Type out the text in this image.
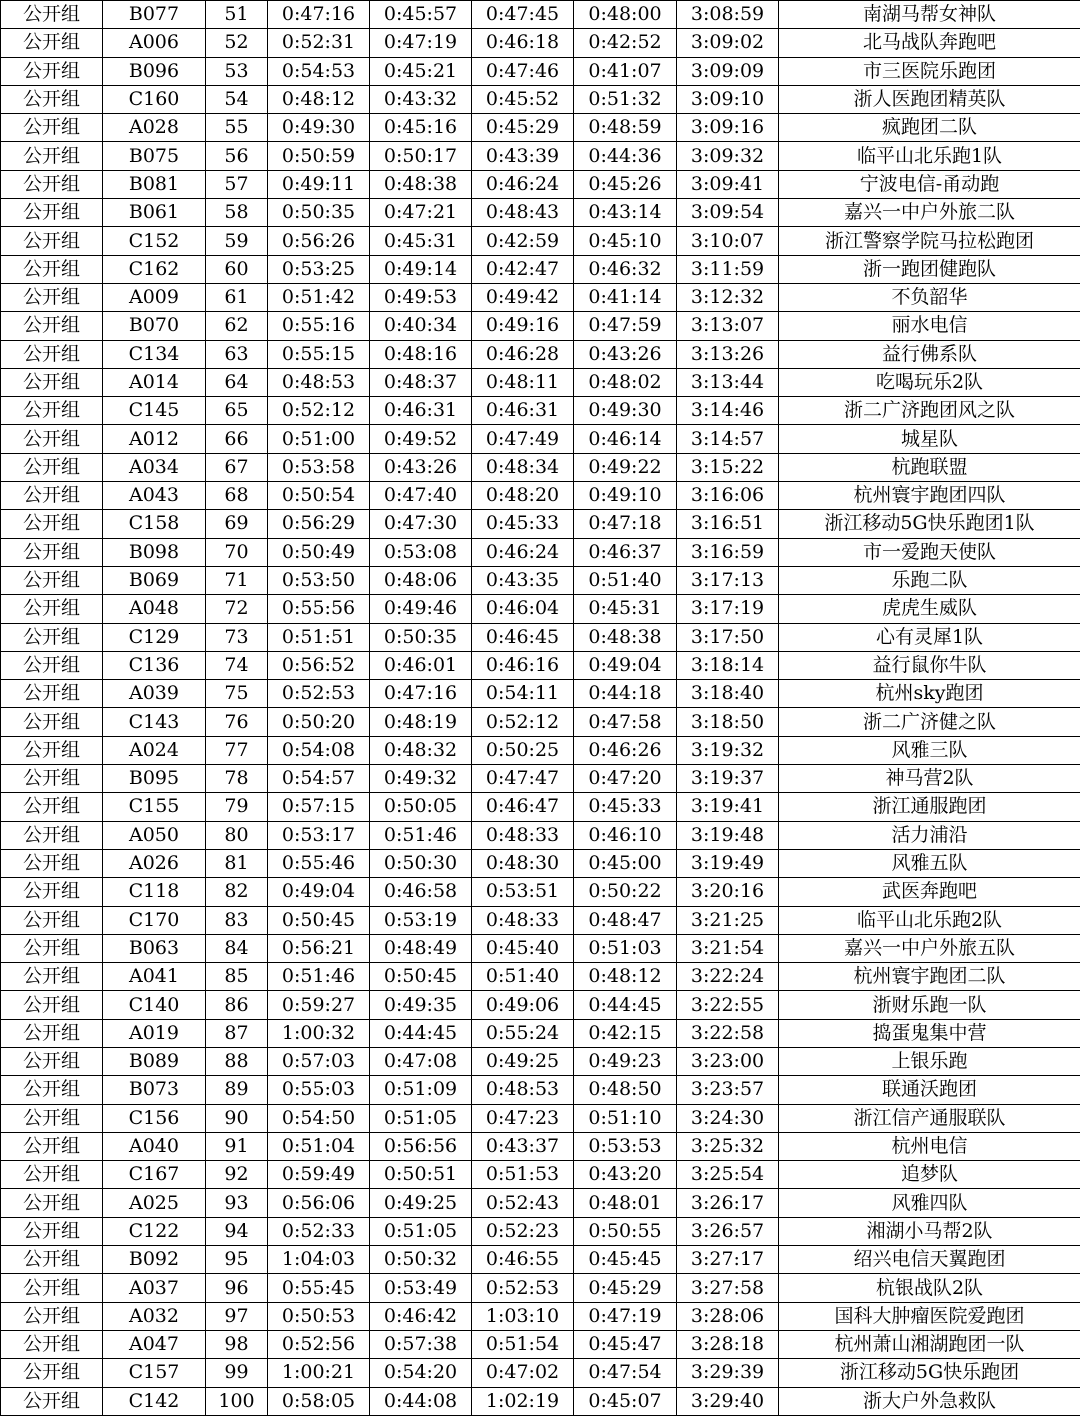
公开组	B077	51	0:47:16	0:45:57	0:47:45	0:48:00	3:08:59	南湖马帮女神队
公开组	A006	52	0:52:31	0:47:19	0:46:18	0:42:52	3:09:02	北马战队奔跑吧
公开组	B096	53	0:54:53	0:45:21	0:47:46	0:41:07	3:09:09	市三医院乐跑团
公开组	C160	54	0:48:12	0:43:32	0:45:52	0:51:32	3:09:10	浙人医跑团精英队
公开组	A028	55	0:49:30	0:45:16	0:45:29	0:48:59	3:09:16	疯跑团二队
公开组	B075	56	0:50:59	0:50:17	0:43:39	0:44:36	3:09:32	临平山北乐跑1队
公开组	B081	57	0:49:11	0:48:38	0:46:24	0:45:26	3:09:41	宁波电信-甬动跑
公开组	B061	58	0:50:35	0:47:21	0:48:43	0:43:14	3:09:54	嘉兴一中户外旅二队
公开组	C152	59	0:56:26	0:45:31	0:42:59	0:45:10	3:10:07	浙江警察学院马拉松跑团
公开组	C162	60	0:53:25	0:49:14	0:42:47	0:46:32	3:11:59	浙一跑团健跑队
公开组	A009	61	0:51:42	0:49:53	0:49:42	0:41:14	3:12:32	不负韶华
公开组	B070	62	0:55:16	0:40:34	0:49:16	0:47:59	3:13:07	丽水电信
公开组	C134	63	0:55:15	0:48:16	0:46:28	0:43:26	3:13:26	益行佛系队
公开组	A014	64	0:48:53	0:48:37	0:48:11	0:48:02	3:13:44	吃喝玩乐2队
公开组	C145	65	0:52:12	0:46:31	0:46:31	0:49:30	3:14:46	浙二广济跑团风之队
公开组	A012	66	0:51:00	0:49:52	0:47:49	0:46:14	3:14:57	城星队
公开组	A034	67	0:53:58	0:43:26	0:48:34	0:49:22	3:15:22	杭跑联盟
公开组	A043	68	0:50:54	0:47:40	0:48:20	0:49:10	3:16:06	杭州寰宇跑团四队
公开组	C158	69	0:56:29	0:47:30	0:45:33	0:47:18	3:16:51	浙江移动5G快乐跑团1队
公开组	B098	70	0:50:49	0:53:08	0:46:24	0:46:37	3:16:59	市一爱跑天使队
公开组	B069	71	0:53:50	0:48:06	0:43:35	0:51:40	3:17:13	乐跑二队
公开组	A048	72	0:55:56	0:49:46	0:46:04	0:45:31	3:17:19	虎虎生威队
公开组	C129	73	0:51:51	0:50:35	0:46:45	0:48:38	3:17:50	心有灵犀1队
公开组	C136	74	0:56:52	0:46:01	0:46:16	0:49:04	3:18:14	益行鼠你牛队
公开组	A039	75	0:52:53	0:47:16	0:54:11	0:44:18	3:18:40	杭州sky跑团
公开组	C143	76	0:50:20	0:48:19	0:52:12	0:47:58	3:18:50	浙二广济健之队
公开组	A024	77	0:54:08	0:48:32	0:50:25	0:46:26	3:19:32	风雅三队
公开组	B095	78	0:54:57	0:49:32	0:47:47	0:47:20	3:19:37	神马营2队
公开组	C155	79	0:57:15	0:50:05	0:46:47	0:45:33	3:19:41	浙江通服跑团
公开组	A050	80	0:53:17	0:51:46	0:48:33	0:46:10	3:19:48	活力浦沿
公开组	A026	81	0:55:46	0:50:30	0:48:30	0:45:00	3:19:49	风雅五队
公开组	C118	82	0:49:04	0:46:58	0:53:51	0:50:22	3:20:16	武医奔跑吧
公开组	C170	83	0:50:45	0:53:19	0:48:33	0:48:47	3:21:25	临平山北乐跑2队
公开组	B063	84	0:56:21	0:48:49	0:45:40	0:51:03	3:21:54	嘉兴一中户外旅五队
公开组	A041	85	0:51:46	0:50:45	0:51:40	0:48:12	3:22:24	杭州寰宇跑团二队
公开组	C140	86	0:59:27	0:49:35	0:49:06	0:44:45	3:22:55	浙财乐跑一队
公开组	A019	87	1:00:32	0:44:45	0:55:24	0:42:15	3:22:58	捣蛋鬼集中营
公开组	B089	88	0:57:03	0:47:08	0:49:25	0:49:23	3:23:00	上银乐跑
公开组	B073	89	0:55:03	0:51:09	0:48:53	0:48:50	3:23:57	联通沃跑团
公开组	C156	90	0:54:50	0:51:05	0:47:23	0:51:10	3:24:30	浙江信产通服联队
公开组	A040	91	0:51:04	0:56:56	0:43:37	0:53:53	3:25:32	杭州电信
公开组	C167	92	0:59:49	0:50:51	0:51:53	0:43:20	3:25:54	追梦队
公开组	A025	93	0:56:06	0:49:25	0:52:43	0:48:01	3:26:17	风雅四队
公开组	C122	94	0:52:33	0:51:05	0:52:23	0:50:55	3:26:57	湘湖小马帮2队
公开组	B092	95	1:04:03	0:50:32	0:46:55	0:45:45	3:27:17	绍兴电信天翼跑团
公开组	A037	96	0:55:45	0:53:49	0:52:53	0:45:29	3:27:58	杭银战队2队
公开组	A032	97	0:50:53	0:46:42	1:03:10	0:47:19	3:28:06	国科大肿瘤医院爱跑团
公开组	A047	98	0:52:56	0:57:38	0:51:54	0:45:47	3:28:18	杭州萧山湘湖跑团一队
公开组	C157	99	1:00:21	0:54:20	0:47:02	0:47:54	3:29:39	浙江移动5G快乐跑团
公开组	C142	100	0:58:05	0:44:08	1:02:19	0:45:07	3:29:40	浙大户外急救队
